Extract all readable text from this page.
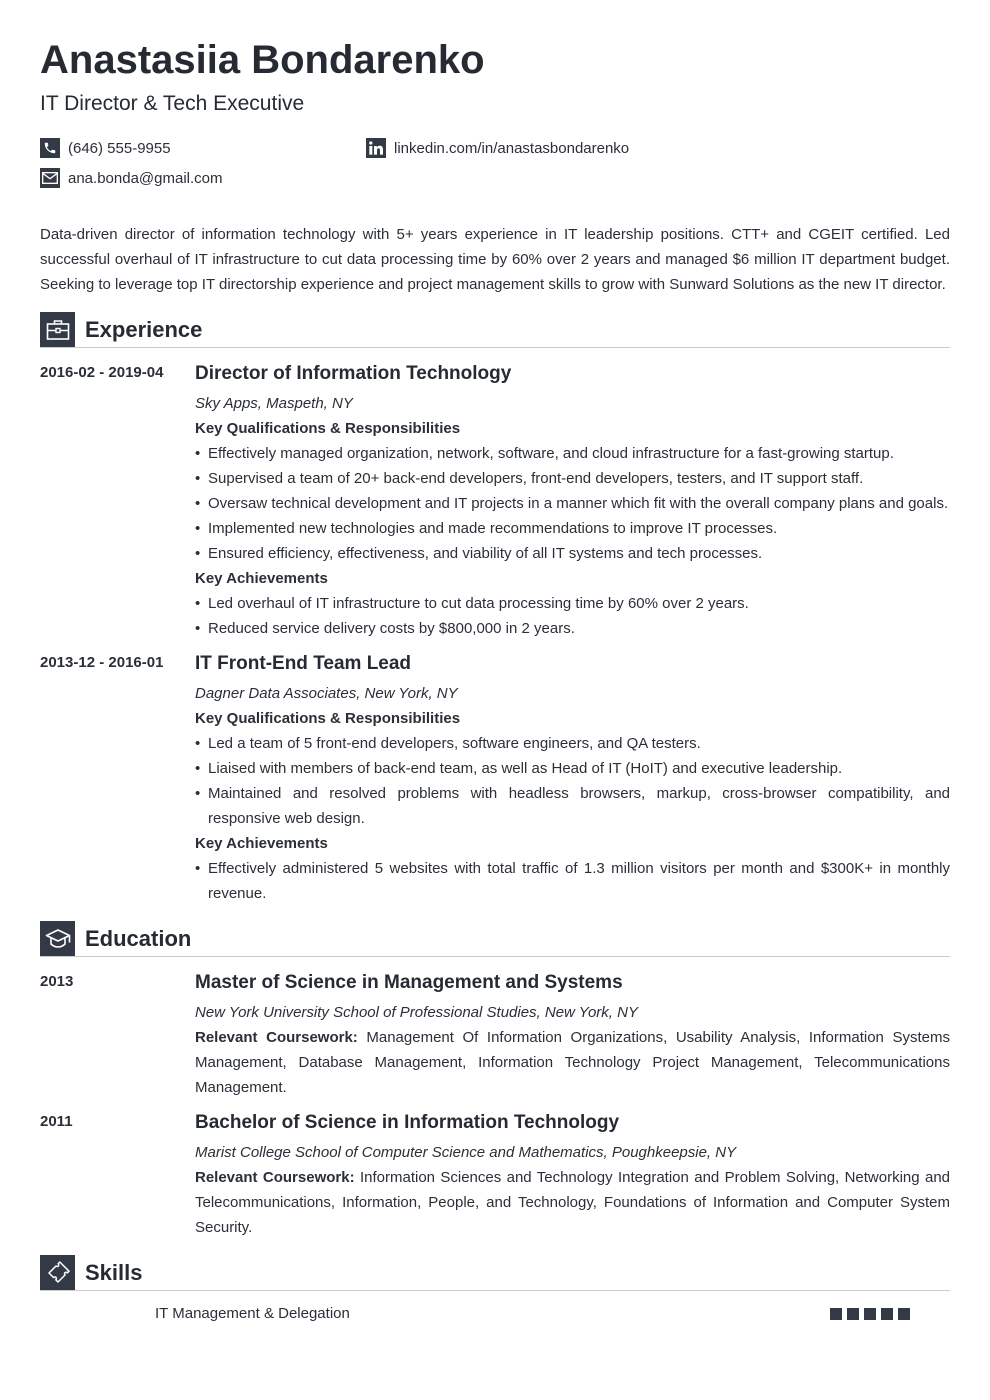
Anastasiia Bondarenko
IT Director & Tech Executive
(646) 555-9955
ana.bonda@gmail.com
linkedin.com/in/anastasbondarenko

Data-driven director of information technology with 5+ years experience in IT leadership positions. CTT+ and CGEIT certified. Led successful overhaul of IT infrastructure to cut data processing time by 60% over 2 years and managed $6 million IT department budget. Seeking to leverage top IT directorship experience and project management skills to grow with Sunward Solutions as the new IT director.

Experience
2016-02 - 2019-04 Director of Information Technology
Sky Apps, Maspeth, NY
Key Qualifications & Responsibilities
• Effectively managed organization, network, software, and cloud infrastructure for a fast-growing startup.
• Supervised a team of 20+ back-end developers, front-end developers, testers, and IT support staff.
• Oversaw technical development and IT projects in a manner which fit with the overall company plans and goals.
• Implemented new technologies and made recommendations to improve IT processes.
• Ensured efficiency, effectiveness, and viability of all IT systems and tech processes.
Key Achievements
• Led overhaul of IT infrastructure to cut data processing time by 60% over 2 years.
• Reduced service delivery costs by $800,000 in 2 years.
2013-12 - 2016-01 IT Front-End Team Lead
Dagner Data Associates, New York, NY
Key Qualifications & Responsibilities
• Led a team of 5 front-end developers, software engineers, and QA testers.
• Liaised with members of back-end team, as well as Head of IT (HoIT) and executive leadership.
• Maintained and resolved problems with headless browsers, markup, cross-browser compatibility, and responsive web design.
Key Achievements
• Effectively administered 5 websites with total traffic of 1.3 million visitors per month and $300K+ in monthly revenue.
Education
2013	Master of Science in Management and Systems
New York University School of Professional Studies, New York, NY
Relevant Coursework: Management Of Information Organizations, Usability Analysis, Information Systems Management, Database Management, Information Technology Project Management, Telecommunications Management.
2011	Bachelor of Science in Information Technology
Marist College School of Computer Science and Mathematics, Poughkeepsie, NY
Relevant Coursework: Information Sciences and Technology Integration and Problem Solving, Networking and Telecommunications, Information, People, and Technology, Foundations of Information and Computer System Security.
Skills
IT Management & Delegation
